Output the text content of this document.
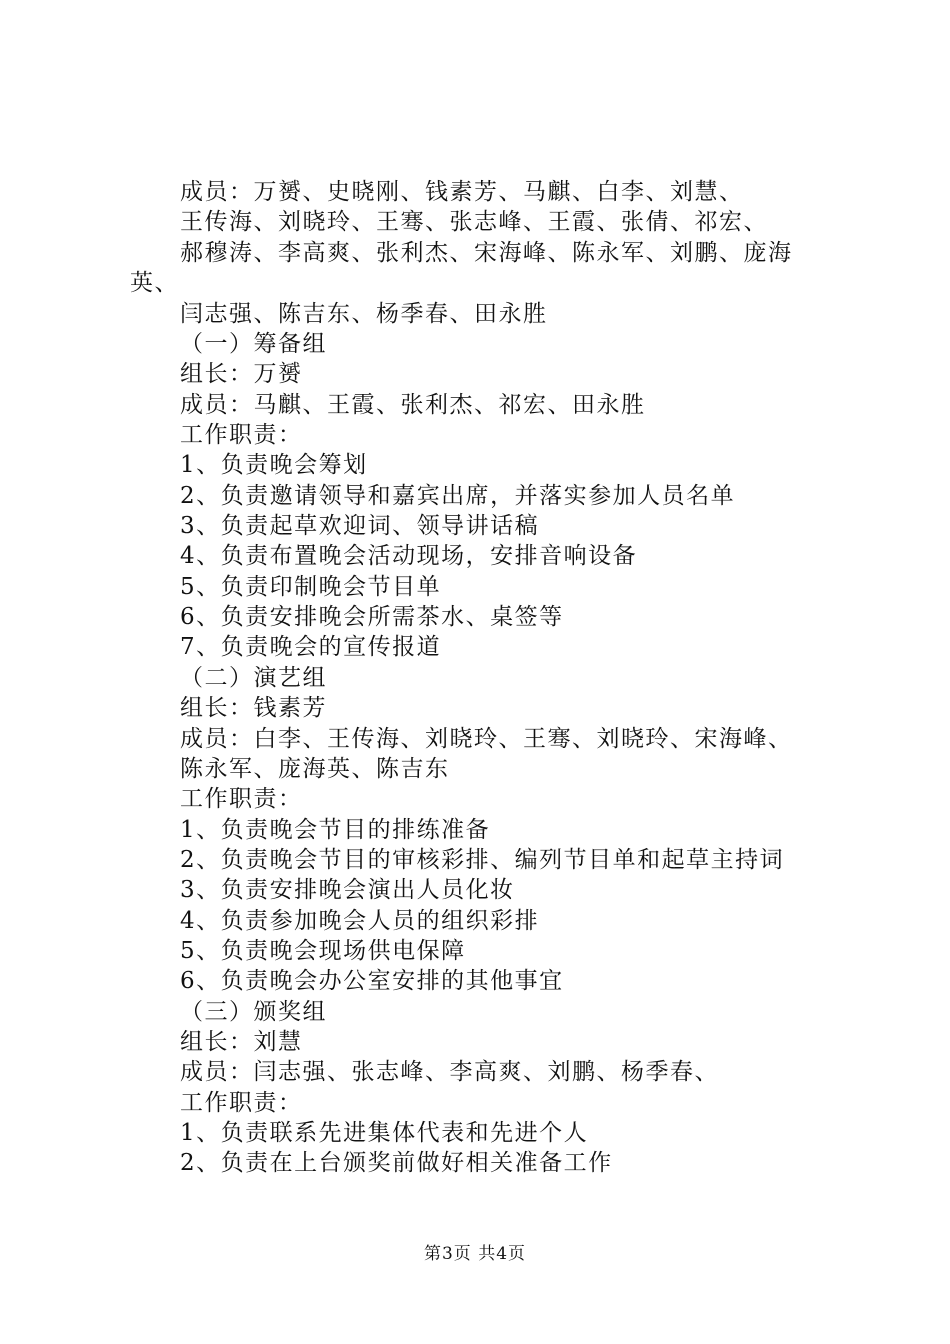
成员：万赟、史晓刚、钱素芳、马麒、白李、刘慧、
王传海、刘晓玲、王骞、张志峰、王霞、张倩、祁宏、
郝穆涛、李高爽、张利杰、宋海峰、陈永军、刘鹏、庞海
英、
闫志强、陈吉东、杨季春、田永胜
（一）筹备组
组长：万赟
成员：马麒、王霞、张利杰、祁宏、田永胜
工作职责：
1、负责晚会筹划
2、负责邀请领导和嘉宾出席，并落实参加人员名单
3、负责起草欢迎词、领导讲话稿
4、负责布置晚会活动现场，安排音响设备
5、负责印制晚会节目单
6、负责安排晚会所需茶水、桌签等
7、负责晚会的宣传报道
（二）演艺组
组长：钱素芳
成员：白李、王传海、刘晓玲、王骞、刘晓玲、宋海峰、
陈永军、庞海英、陈吉东
工作职责：
1、负责晚会节目的排练准备
2、负责晚会节目的审核彩排、编列节目单和起草主持词
3、负责安排晚会演出人员化妆
4、负责参加晚会人员的组织彩排
5、负责晚会现场供电保障
6、负责晚会办公室安排的其他事宜
（三）颁奖组
组长：刘慧
成员：闫志强、张志峰、李高爽、刘鹏、杨季春、
工作职责：
1、负责联系先进集体代表和先进个人
2、负责在上台颁奖前做好相关准备工作
第3页 共4页
